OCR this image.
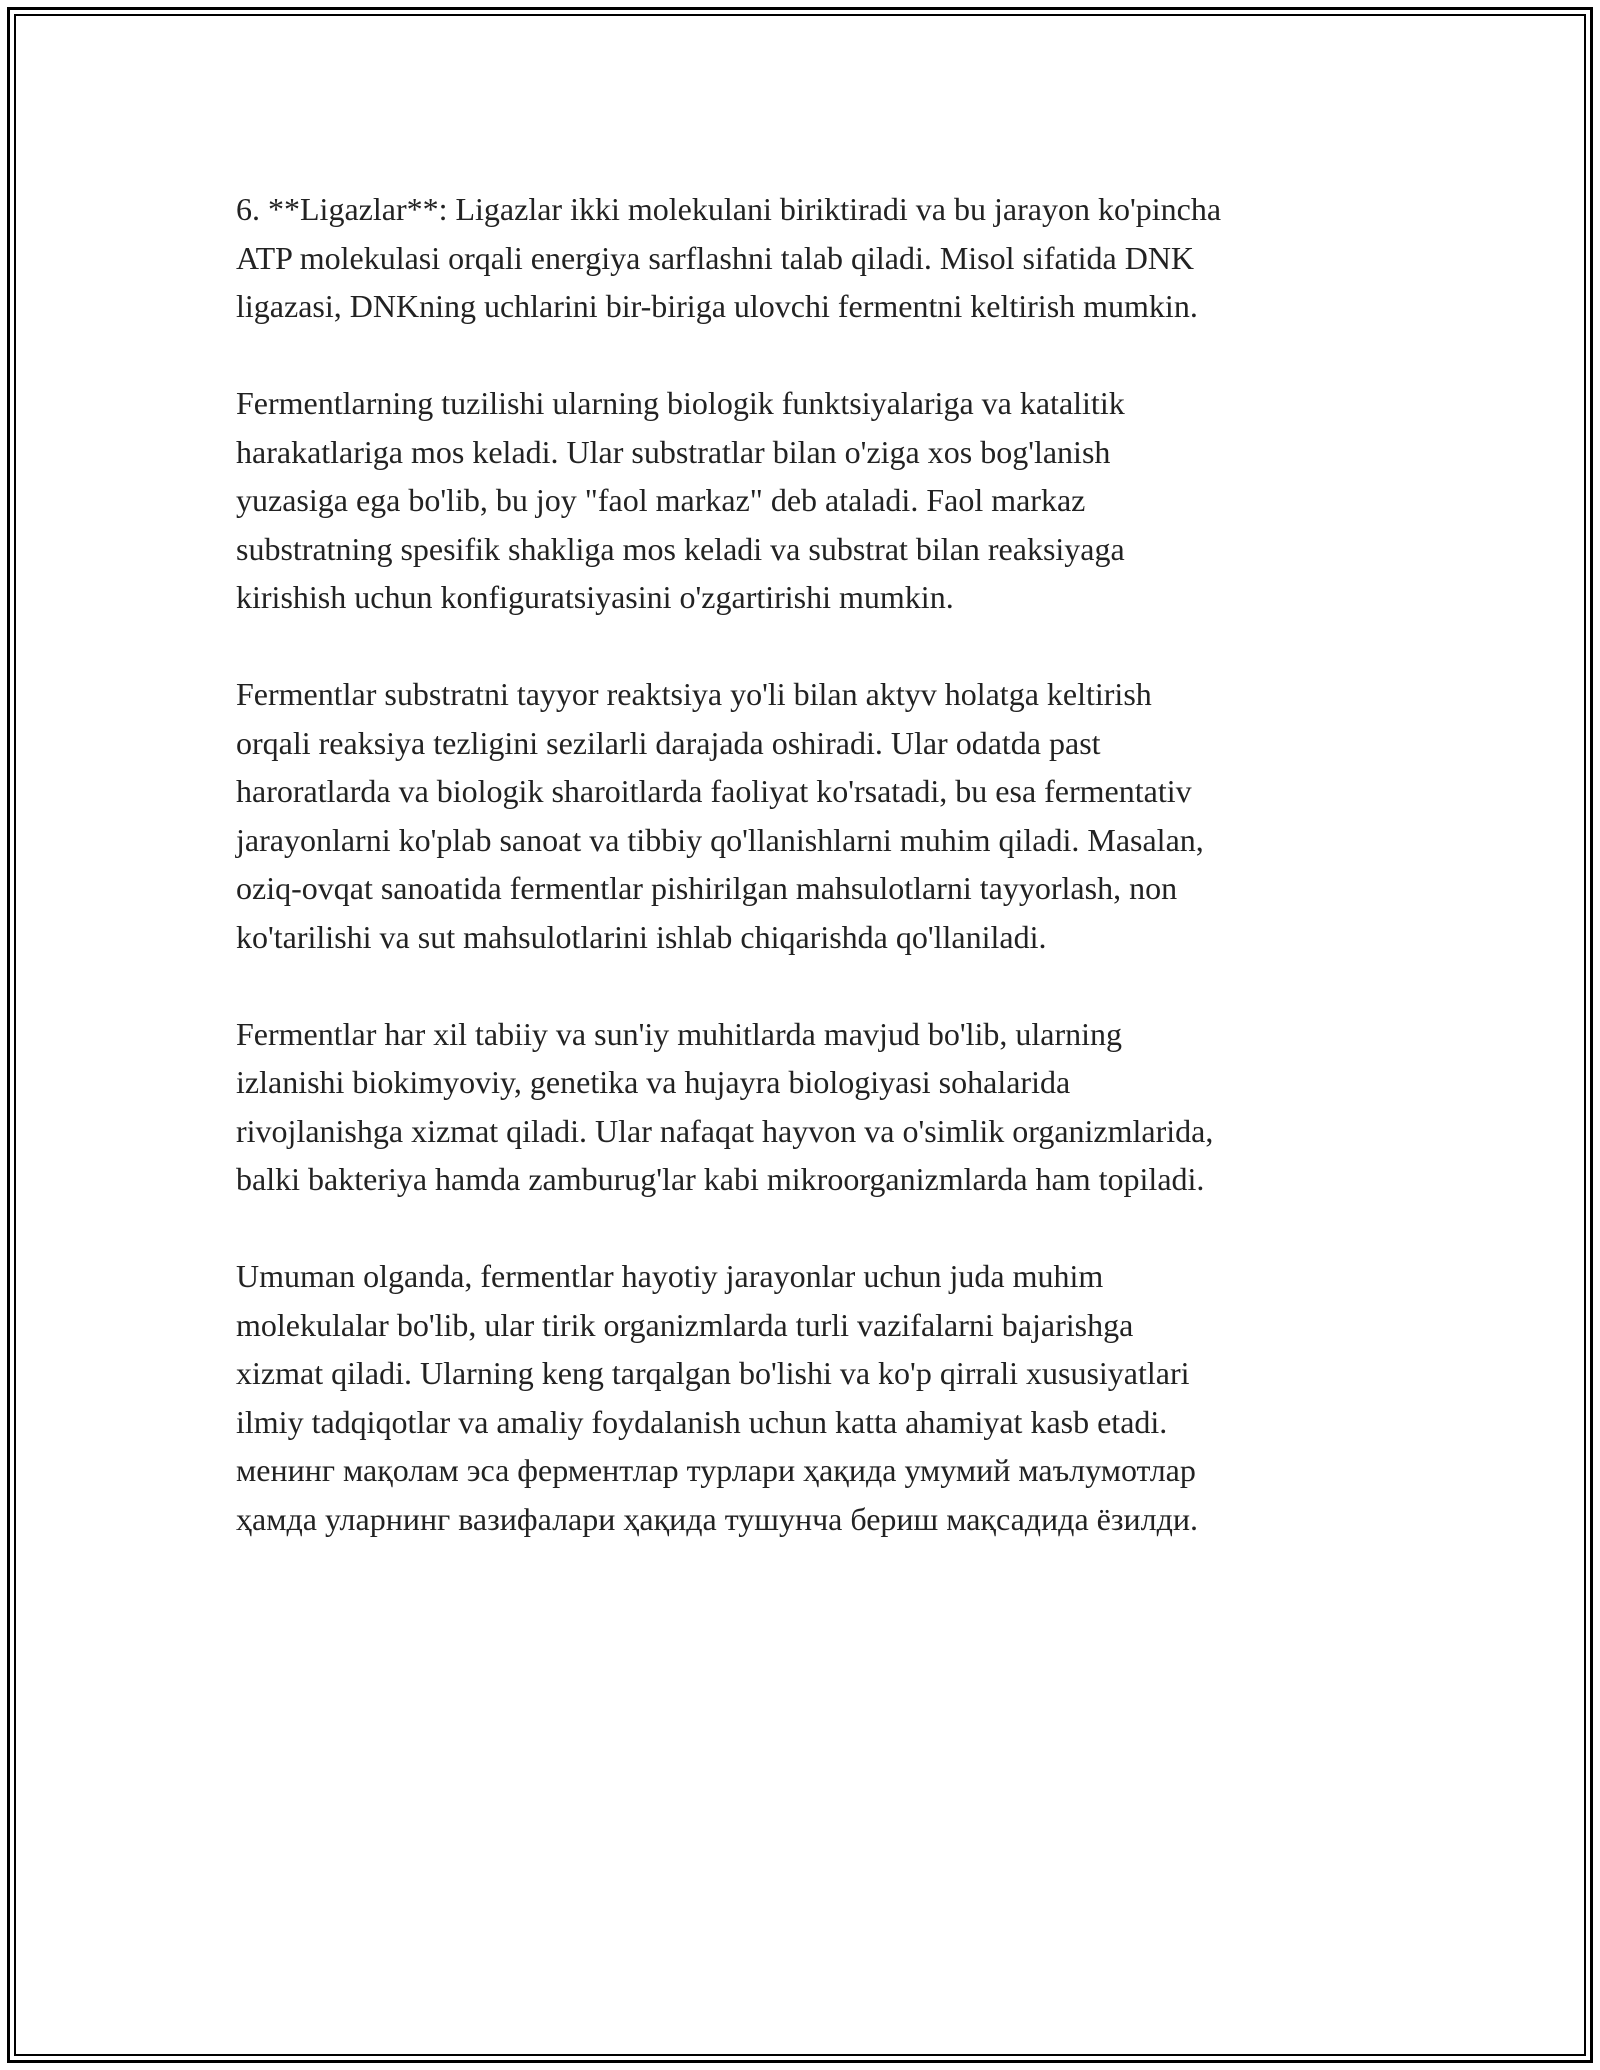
6. **Ligazlar**: Ligazlar ikki molekulani biriktiradi va bu jarayon ko'pincha
ATP molekulasi orqali energiya sarflashni talab qiladi. Misol sifatida DNK
ligazasi, DNKning uchlarini bir-biriga ulovchi fermentni keltirish mumkin.

Fermentlarning tuzilishi ularning biologik funktsiyalariga va katalitik
harakatlariga mos keladi. Ular substratlar bilan o'ziga xos bog'lanish
yuzasiga ega bo'lib, bu joy "faol markaz" deb ataladi. Faol markaz
substratning spesifik shakliga mos keladi va substrat bilan reaksiyaga
kirishish uchun konfiguratsiyasini o'zgartirishi mumkin.

Fermentlar substratni tayyor reaktsiya yo'li bilan aktyv holatga keltirish
orqali reaksiya tezligini sezilarli darajada oshiradi. Ular odatda past
haroratlarda va biologik sharoitlarda faoliyat ko'rsatadi, bu esa fermentativ
jarayonlarni ko'plab sanoat va tibbiy qo'llanishlarni muhim qiladi. Masalan,
oziq-ovqat sanoatida fermentlar pishirilgan mahsulotlarni tayyorlash, non
ko'tarilishi va sut mahsulotlarini ishlab chiqarishda qo'llaniladi.

Fermentlar har xil tabiiy va sun'iy muhitlarda mavjud bo'lib, ularning
izlanishi biokimyoviy, genetika va hujayra biologiyasi sohalarida
rivojlanishga xizmat qiladi. Ular nafaqat hayvon va o'simlik organizmlarida,
balki bakteriya hamda zamburug'lar kabi mikroorganizmlarda ham topiladi.

Umuman olganda, fermentlar hayotiy jarayonlar uchun juda muhim
molekulalar bo'lib, ular tirik organizmlarda turli vazifalarni bajarishga
xizmat qiladi. Ularning keng tarqalgan bo'lishi va ko'p qirrali xususiyatlari
ilmiy tadqiqotlar va amaliy foydalanish uchun katta ahamiyat kasb etadi.
менинг мақолам эса ферментлар турлари ҳақида умумий маълумотлар
ҳамда уларнинг вазифалари ҳақида тушунча бериш мақсадида ёзилди.
